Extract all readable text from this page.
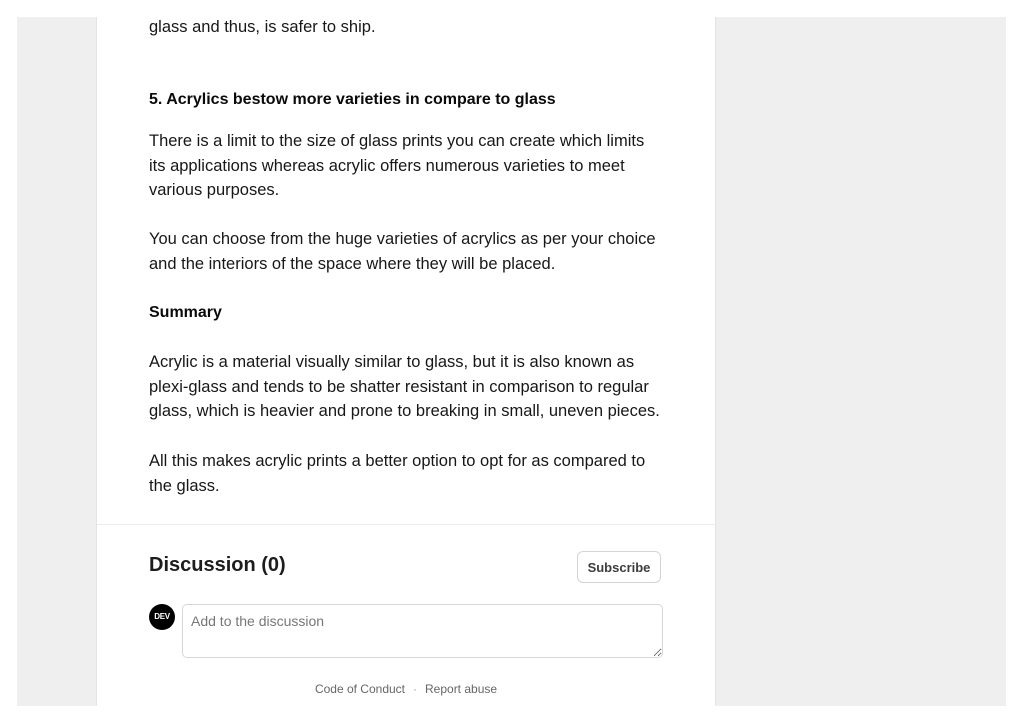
glass and thus, is safer to ship.

5. Acrylics bestow more varieties in compare to glass

There is a limit to the size of glass prints you can create which limits its applications whereas acrylic offers numerous varieties to meet various purposes.

You can choose from the huge varieties of acrylics as per your choice and the interiors of the space where they will be placed.

Summary

Acrylic is a material visually similar to glass, but it is also known as plexi-glass and tends to be shatter resistant in comparison to regular glass, which is heavier and prone to breaking in small, uneven pieces.

All this makes acrylic prints a better option to opt for as compared to the glass.

Discussion (0)	Subscribe
DEV
Add to the discussion
Code of Conduct · Report abuse
